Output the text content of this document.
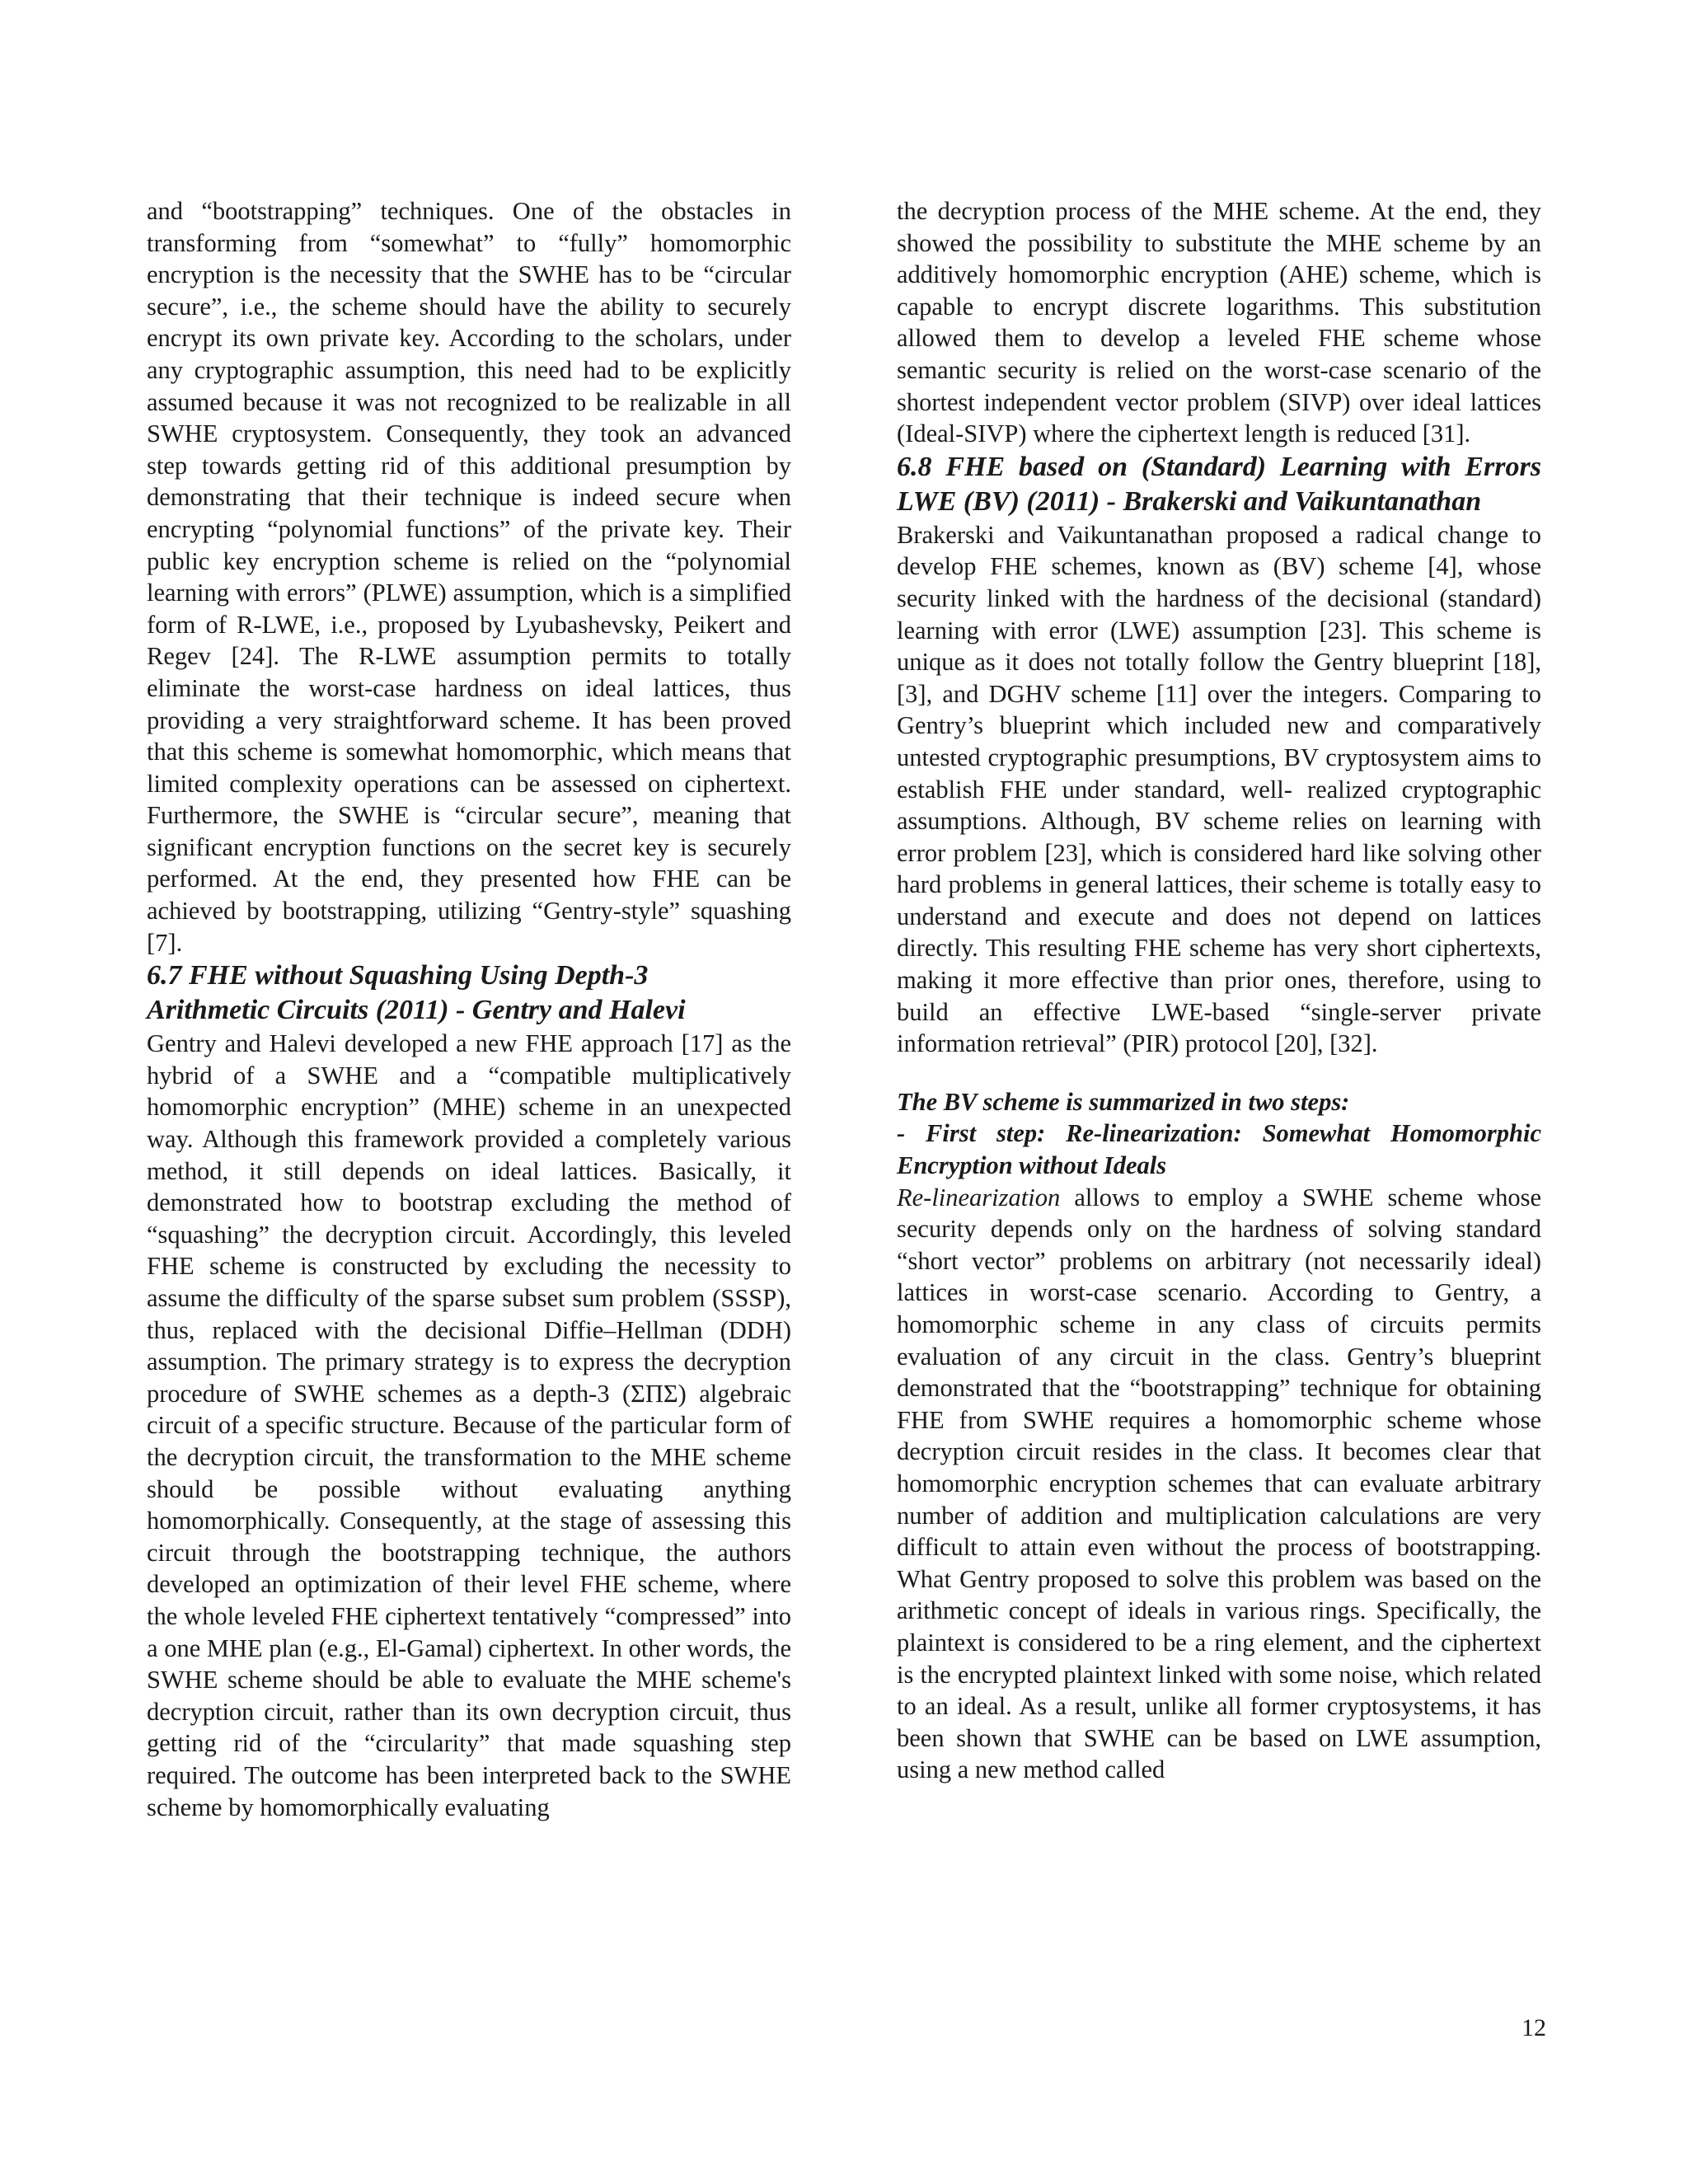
and “bootstrapping” techniques. One of the obstacles in transforming from “somewhat” to “fully” homomorphic encryption is the necessity that the SWHE has to be “circular secure”, i.e., the scheme should have the ability to securely encrypt its own private key. According to the scholars, under any cryptographic assumption, this need had to be explicitly assumed because it was not recognized to be realizable in all SWHE cryptosystem. Consequently, they took an advanced step towards getting rid of this additional presumption by demonstrating that their technique is indeed secure when encrypting “polynomial functions” of the private key. Their public key encryption scheme is relied on the “polynomial learning with errors” (PLWE) assumption, which is a simplified form of R-LWE, i.e., proposed by Lyubashevsky, Peikert and Regev [24]. The R-LWE assumption permits to totally eliminate the worst-case hardness on ideal lattices, thus providing a very straightforward scheme. It has been proved that this scheme is somewhat homomorphic, which means that limited complexity operations can be assessed on ciphertext. Furthermore, the SWHE is “circular secure”, meaning that significant encryption functions on the secret key is securely performed. At the end, they presented how FHE can be achieved by bootstrapping, utilizing “Gentry-style” squashing [7].

6.7 FHE without Squashing Using Depth-3
Arithmetic Circuits (2011) - Gentry and Halevi

Gentry and Halevi developed a new FHE approach [17] as the hybrid of a SWHE and a “compatible multiplicatively homomorphic encryption” (MHE) scheme in an unexpected way. Although this framework provided a completely various method, it still depends on ideal lattices. Basically, it demonstrated how to bootstrap excluding the method of “squashing” the decryption circuit. Accordingly, this leveled FHE scheme is constructed by excluding the necessity to assume the difficulty of the sparse subset sum problem (SSSP), thus, replaced with the decisional Diffie–Hellman (DDH) assumption. The primary strategy is to express the decryption procedure of SWHE schemes as a depth-3 (ΣΠΣ) algebraic circuit of a specific structure. Because of the particular form of the decryption circuit, the transformation to the MHE scheme should be possible without evaluating anything homomorphically. Consequently, at the stage of assessing this circuit through the bootstrapping technique, the authors developed an optimization of their level FHE scheme, where the whole leveled FHE ciphertext tentatively “compressed” into a one MHE plan (e.g., El-Gamal) ciphertext. In other words, the SWHE scheme should be able to evaluate the MHE scheme's decryption circuit, rather than its own decryption circuit, thus getting rid of the “circularity” that made squashing step required. The outcome has been interpreted back to the SWHE scheme by homomorphically evaluating

the decryption process of the MHE scheme. At the end, they showed the possibility to substitute the MHE scheme by an additively homomorphic encryption (AHE) scheme, which is capable to encrypt discrete logarithms. This substitution allowed them to develop a leveled FHE scheme whose semantic security is relied on the worst-case scenario of the shortest independent vector problem (SIVP) over ideal lattices (Ideal-SIVP) where the ciphertext length is reduced [31].

6.8 FHE based on (Standard) Learning with Errors LWE (BV) (2011) - Brakerski and Vaikuntanathan

Brakerski and Vaikuntanathan proposed a radical change to develop FHE schemes, known as (BV) scheme [4], whose security linked with the hardness of the decisional (standard) learning with error (LWE) assumption [23]. This scheme is unique as it does not totally follow the Gentry blueprint [18], [3], and DGHV scheme [11] over the integers. Comparing to Gentry’s blueprint which included new and comparatively untested cryptographic presumptions, BV cryptosystem aims to establish FHE under standard, well- realized cryptographic assumptions. Although, BV scheme relies on learning with error problem [23], which is considered hard like solving other hard problems in general lattices, their scheme is totally easy to understand and execute and does not depend on lattices directly. This resulting FHE scheme has very short ciphertexts, making it more effective than prior ones, therefore, using to build an effective LWE-based “single-server private information retrieval” (PIR) protocol [20], [32].

The BV scheme is summarized in two steps:

- First step: Re-linearization: Somewhat Homomorphic Encryption without Ideals

Re-linearization allows to employ a SWHE scheme whose security depends only on the hardness of solving standard “short vector” problems on arbitrary (not necessarily ideal) lattices in worst-case scenario. According to Gentry, a homomorphic scheme in any class of circuits permits evaluation of any circuit in the class. Gentry’s blueprint demonstrated that the “bootstrapping” technique for obtaining FHE from SWHE requires a homomorphic scheme whose decryption circuit resides in the class. It becomes clear that homomorphic encryption schemes that can evaluate arbitrary number of addition and multiplication calculations are very difficult to attain even without the process of bootstrapping. What Gentry proposed to solve this problem was based on the arithmetic concept of ideals in various rings. Specifically, the plaintext is considered to be a ring element, and the ciphertext is the encrypted plaintext linked with some noise, which related to an ideal. As a result, unlike all former cryptosystems, it has been shown that SWHE can be based on LWE assumption, using a new method called

12
